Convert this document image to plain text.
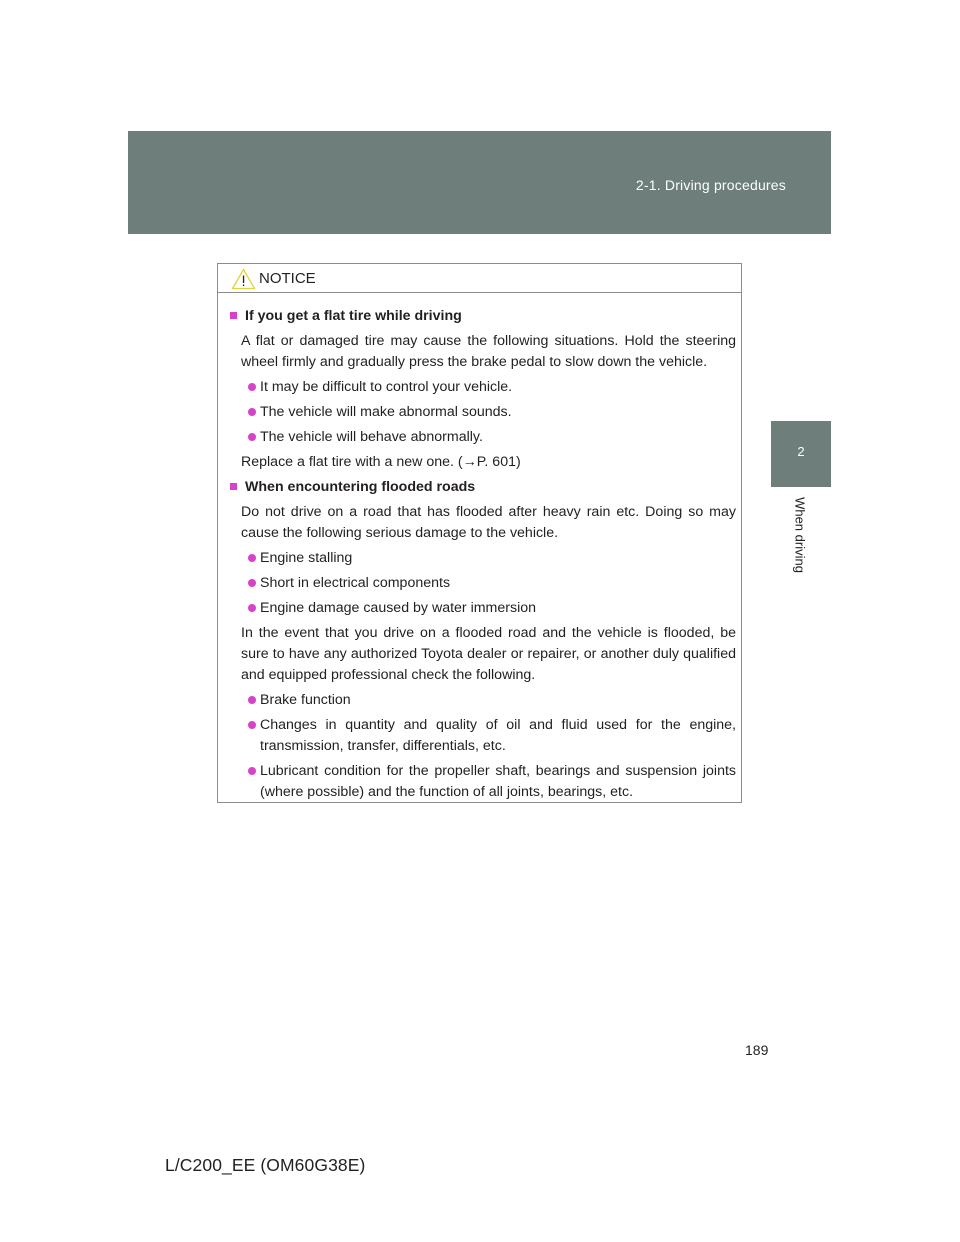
2-1. Driving procedures
2
When driving
NOTICE
If you get a flat tire while driving
A flat or damaged tire may cause the following situations. Hold the steering wheel firmly and gradually press the brake pedal to slow down the vehicle.
It may be difficult to control your vehicle.
The vehicle will make abnormal sounds.
The vehicle will behave abnormally.
Replace a flat tire with a new one. (→P. 601)
When encountering flooded roads
Do not drive on a road that has flooded after heavy rain etc. Doing so may cause the following serious damage to the vehicle.
Engine stalling
Short in electrical components
Engine damage caused by water immersion
In the event that you drive on a flooded road and the vehicle is flooded, be sure to have any authorized Toyota dealer or repairer, or another duly qualified and equipped professional check the following.
Brake function
Changes in quantity and quality of oil and fluid used for the engine, transmission, transfer, differentials, etc.
Lubricant condition for the propeller shaft, bearings and suspension joints (where possible) and the function of all joints, bearings, etc.
189
L/C200_EE (OM60G38E)
